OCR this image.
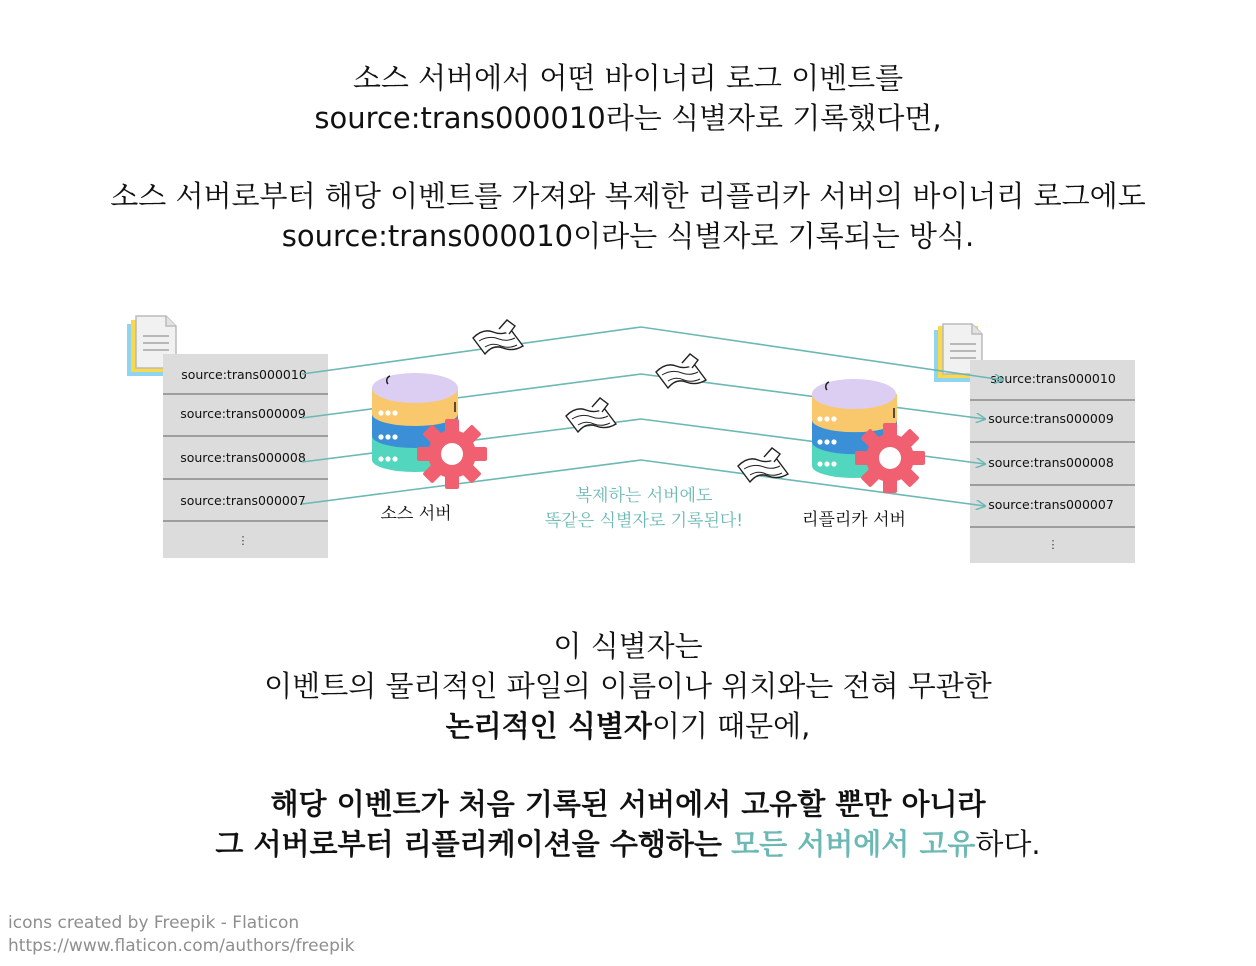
소스 서버에서 어떤 바이너리 로그 이벤트를
source:trans000010라는 식별자로 기록했다면,
소스 서버로부터 해당 이벤트를 가져와 복제한 리플리카 서버의 바이너리 로그에도
source:trans000010이라는 식별자로 기록되는 방식.
source:trans000010
source:trans000009
source:trans000008
source:trans000007
⋮
source:trans000010
source:trans000009
source:trans000008
source:trans000007
⋮
소스 서버	리플리카 서버
복제하는 서버에도
똑같은 식별자로 기록된다!
이 식별자는
이벤트의 물리적인 파일의 이름이나 위치와는 전혀 무관한
논리적인 식별자이기 때문에,
해당 이벤트가 처음 기록된 서버에서 고유할 뿐만 아니라
그 서버로부터 리플리케이션을 수행하는 모든 서버에서 고유하다.
icons created by Freepik - Flaticon
https://www.flaticon.com/authors/freepik
